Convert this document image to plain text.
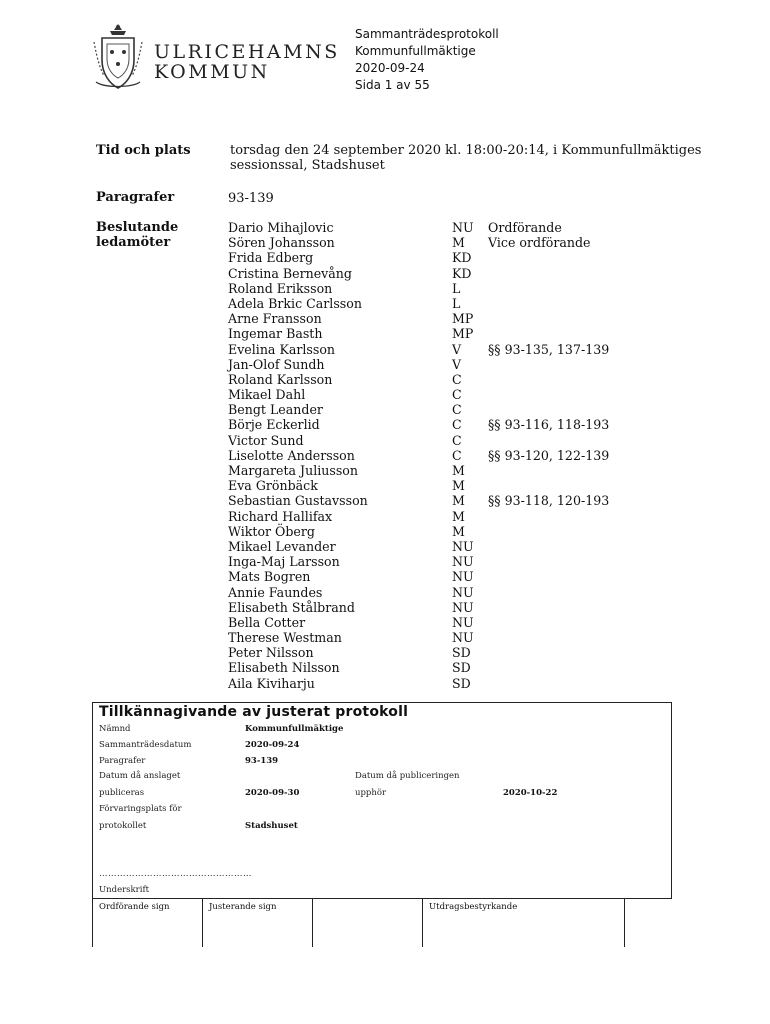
ULRICEHAMNS
KOMMUN
Sammanträdesprotokoll
Kommunfullmäktige
2020-09-24
Sida 1 av 55
Tid och plats	torsdag den 24 september 2020 kl. 18:00-20:14, i Kommunfullmäktiges
sessionssal, Stadshuset
Paragrafer	93-139
Beslutande
ledamöter
Dario Mihajlovic	NU Ordförande
Sören Johansson	M Vice ordförande
Frida Edberg	KD
Cristina Bernevång	KD
Roland Eriksson	L
Adela Brkic Carlsson	L
Arne Fransson	MP
Ingemar Basth	MP
Evelina Karlsson	V §§ 93-135, 137-139
Jan-Olof Sundh	V
Roland Karlsson	C
Mikael Dahl	C
Bengt Leander	C
Börje Eckerlid	C §§ 93-116, 118-193
Victor Sund	C
Liselotte Andersson	C §§ 93-120, 122-139
Margareta Juliusson	M
Eva Grönbäck	M
Sebastian Gustavsson	M §§ 93-118, 120-193
Richard Hallifax	M
Wiktor Öberg	M
Mikael Levander	NU
Inga-Maj Larsson	NU
Mats Bogren	NU
Annie Faundes	NU
Elisabeth Stålbrand	NU
Bella Cotter	NU
Therese Westman	NU
Peter Nilsson	SD
Elisabeth Nilsson	SD
Aila Kiviharju	SD
Tillkännagivande av justerat protokoll
Nämnd	Kommunfullmäktige
Sammanträdesdatum	2020-09-24
Paragrafer	93-139
Datum då anslaget
publiceras	2020-09-30
Datum då publiceringen
upphör	2020-10-22
Förvaringsplats för
protokollet	Stadshuset
……………………………………………
Underskrift
Ordförande sign	Justerande sign	Utdragsbestyrkande
